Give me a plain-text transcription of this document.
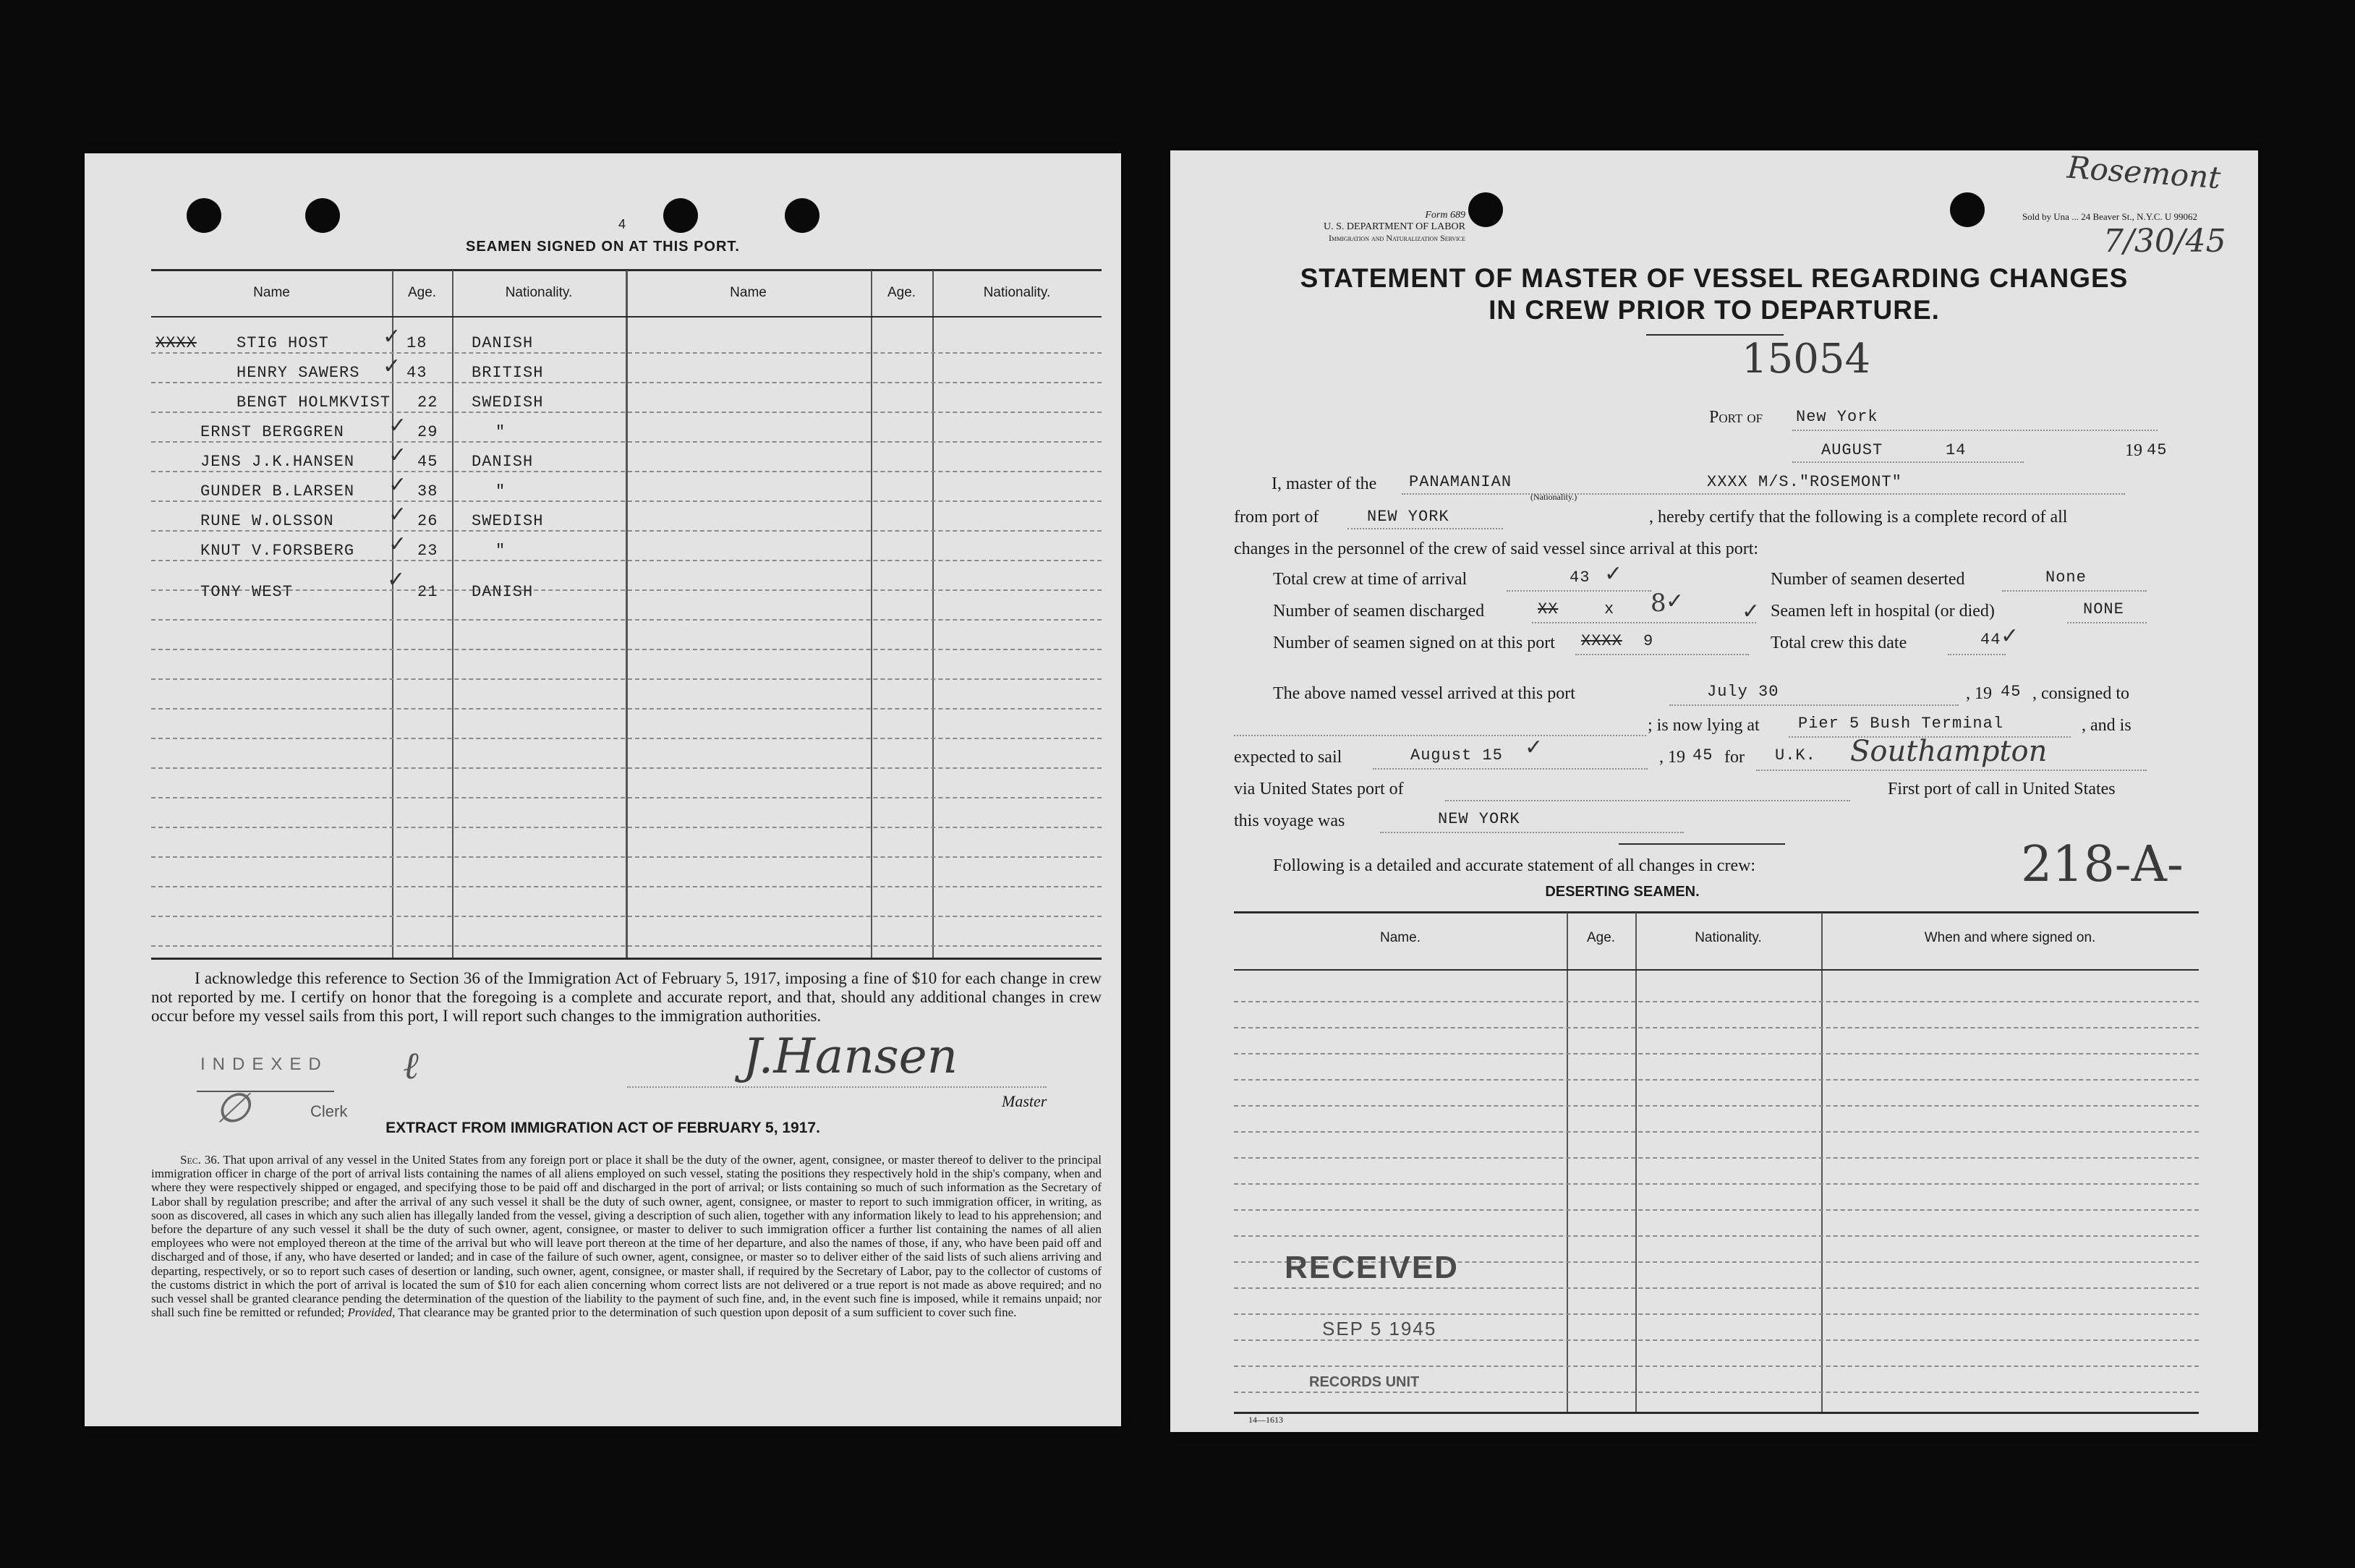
4
SEAMEN SIGNED ON AT THIS PORT.
Name	Age.	Nationality.	Name	Age.	Nationality.
XXXX	STIG HOST	18	DANISH
HENRY SAWERS	43	BRITISH
BENGT HOLMKVIST 22 SWEDISH
ERNST BERGGREN	29	"
JENS J.K.HANSEN	45 DANISH
GUNDER B.LARSEN	38	"
RUNE W.OLSSON	26 SWEDISH
KNUT V.FORSBERG	23	"
TONY WEST	21 DANISH
✓
✓
✓
✓
✓
✓
✓
✓
I acknowledge this reference to Section 36 of the Immigration Act of February 5, 1917, imposing a fine of $10 for each change in crew not reported by me. I certify on honor that the foregoing is a complete and accurate report, and that, should any additional changes in crew occur before my vessel sails from this port, I will report such changes to the immigration authorities.
INDEXED ℓ
∅	Clerk
J.Hansen
Master
EXTRACT FROM IMMIGRATION ACT OF FEBRUARY 5, 1917.
Sec. 36. That upon arrival of any vessel in the United States from any foreign port or place it shall be the duty of the owner, agent, consignee, or master thereof to deliver to the principal immigration officer in charge of the port of arrival lists containing the names of all aliens employed on such vessel, stating the positions they respectively hold in the ship's company, when and where they were respectively shipped or engaged, and specifying those to be paid off and discharged in the port of arrival; or lists containing so much of such information as the Secretary of Labor shall by regulation prescribe; and after the arrival of any such vessel it shall be the duty of such owner, agent, consignee, or master to report to such immigration officer, in writing, as soon as discovered, all cases in which any such alien has illegally landed from the vessel, giving a description of such alien, together with any information likely to lead to his apprehension; and before the departure of any such vessel it shall be the duty of such owner, agent, consignee, or master to deliver to such immigration officer a further list containing the names of all alien employees who were not employed thereon at the time of the arrival but who will leave port thereon at the time of her departure, and also the names of those, if any, who have been paid off and discharged and of those, if any, who have deserted or landed; and in case of the failure of such owner, agent, consignee, or master so to deliver either of the said lists of such aliens arriving and departing, respectively, or so to report such cases of desertion or landing, such owner, agent, consignee, or master shall, if required by the Secretary of Labor, pay to the collector of customs of the customs district in which the port of arrival is located the sum of $10 for each alien concerning whom correct lists are not delivered or a true report is not made as above required; and no such vessel shall be granted clearance pending the determination of the question of the liability to the payment of such fine, and, in the event such fine is imposed, while it remains unpaid; nor shall such fine be remitted or refunded; Provided, That clearance may be granted prior to the determination of such question upon deposit of a sum sufficient to cover such fine.
Form 689
U. S. DEPARTMENT OF LABOR
Immigration and Naturalization Service
Sold by Una ... 24 Beaver St., N.Y.C. U 99062
Rosemont
7/30/45
STATEMENT OF MASTER OF VESSEL REGARDING CHANGES
IN CREW PRIOR TO DEPARTURE.
15054
Port of New York
AUGUST	14	19 45
I, master of the PANAMANIAN
(Nationality.)
XXXX M/S."ROSEMONT"
from port of	NEW YORK	, hereby certify that the following is a complete record of all
changes in the personnel of the crew of said vessel since arrival at this port:
Total crew at time of arrival	43	Number of seamen deserted	None
Number of seamen discharged	XX	x 8	Seamen left in hospital (or died)	NONE
Number of seamen signed on at this port XXXX 9	Total crew this date	44
✓
✓	✓
✓
The above named vessel arrived at this port	July 30	, 19 45 , consigned to
; is now lying at Pier 5 Bush Terminal	, and is
expected to sail	August 15 ✓	, 19 45 for U.K. Southampton
via United States port of	First port of call in United States
this voyage was	NEW YORK
Following is a detailed and accurate statement of all changes in crew:	218-A-
DESERTING SEAMEN.
Name.	Age.	Nationality.	When and where signed on.
RECEIVED
SEP 5 1945
RECORDS UNIT
14—1613
